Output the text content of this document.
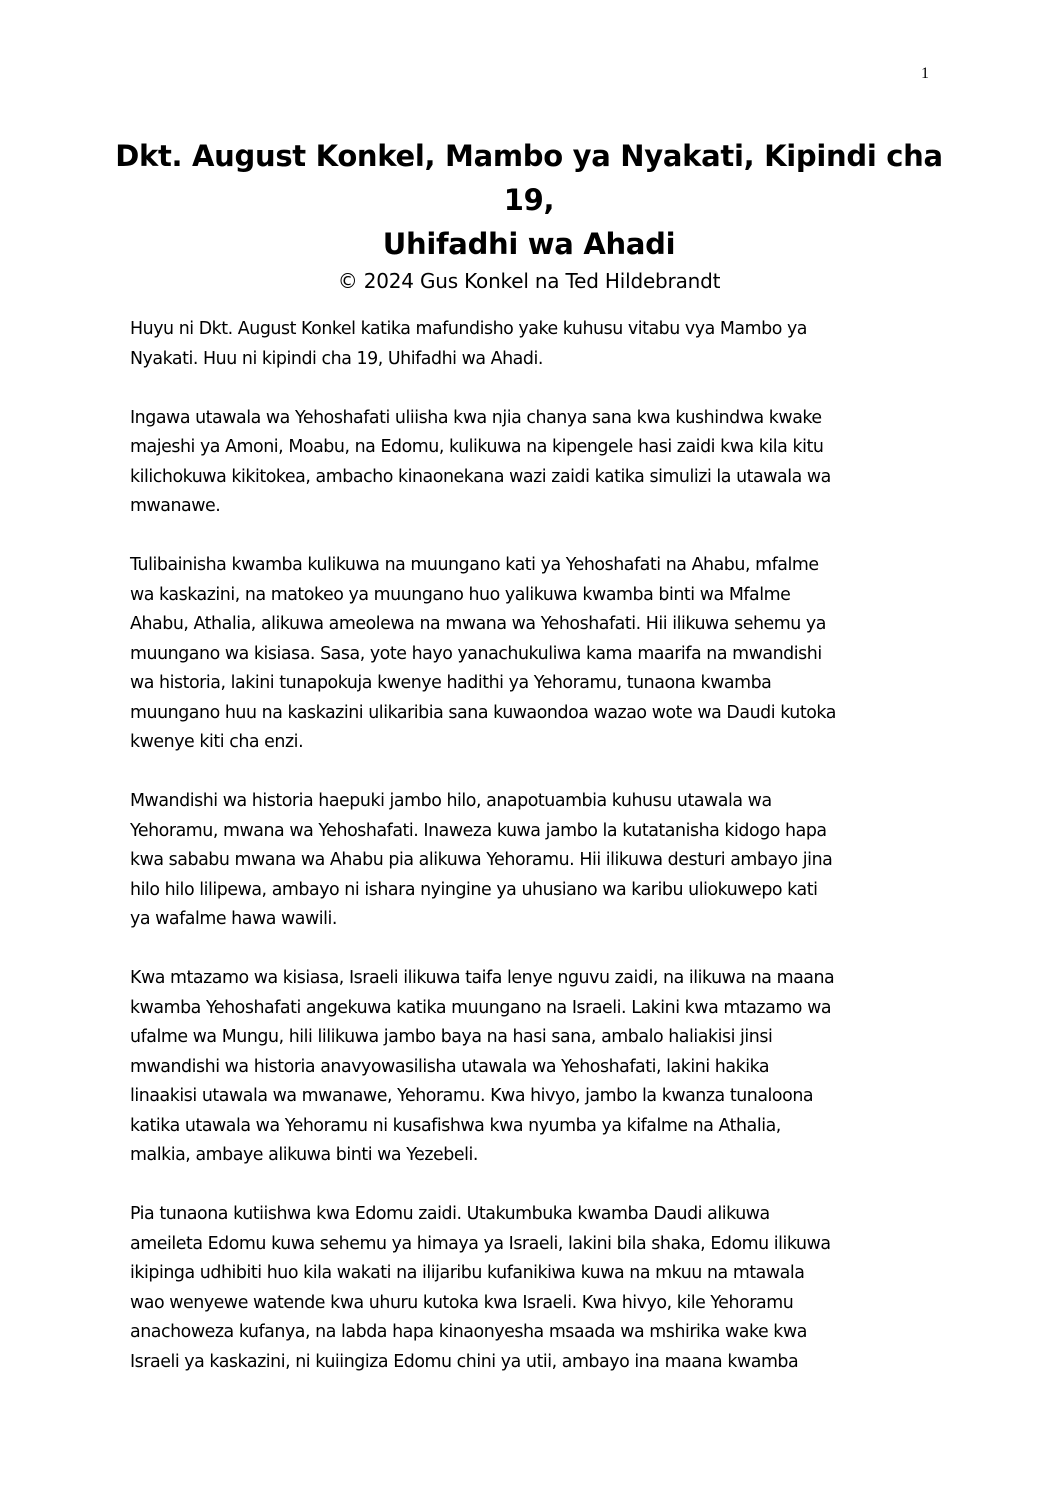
1
Dkt. August Konkel, Mambo ya Nyakati, Kipindi cha
19,
Uhifadhi wa Ahadi
© 2024 Gus Konkel na Ted Hildebrandt

Huyu ni Dkt. August Konkel katika mafundisho yake kuhusu vitabu vya Mambo ya
Nyakati. Huu ni kipindi cha 19, Uhifadhi wa Ahadi.

Ingawa utawala wa Yehoshafati uliisha kwa njia chanya sana kwa kushindwa kwake
majeshi ya Amoni, Moabu, na Edomu, kulikuwa na kipengele hasi zaidi kwa kila kitu
kilichokuwa kikitokea, ambacho kinaonekana wazi zaidi katika simulizi la utawala wa
mwanawe.

Tulibainisha kwamba kulikuwa na muungano kati ya Yehoshafati na Ahabu, mfalme
wa kaskazini, na matokeo ya muungano huo yalikuwa kwamba binti wa Mfalme
Ahabu, Athalia, alikuwa ameolewa na mwana wa Yehoshafati. Hii ilikuwa sehemu ya
muungano wa kisiasa. Sasa, yote hayo yanachukuliwa kama maarifa na mwandishi
wa historia, lakini tunapokuja kwenye hadithi ya Yehoramu, tunaona kwamba
muungano huu na kaskazini ulikaribia sana kuwaondoa wazao wote wa Daudi kutoka
kwenye kiti cha enzi.

Mwandishi wa historia haepuki jambo hilo, anapotuambia kuhusu utawala wa
Yehoramu, mwana wa Yehoshafati. Inaweza kuwa jambo la kutatanisha kidogo hapa
kwa sababu mwana wa Ahabu pia alikuwa Yehoramu. Hii ilikuwa desturi ambayo jina
hilo hilo lilipewa, ambayo ni ishara nyingine ya uhusiano wa karibu uliokuwepo kati
ya wafalme hawa wawili.

Kwa mtazamo wa kisiasa, Israeli ilikuwa taifa lenye nguvu zaidi, na ilikuwa na maana
kwamba Yehoshafati angekuwa katika muungano na Israeli. Lakini kwa mtazamo wa
ufalme wa Mungu, hili lilikuwa jambo baya na hasi sana, ambalo haliakisi jinsi
mwandishi wa historia anavyowasilisha utawala wa Yehoshafati, lakini hakika
linaakisi utawala wa mwanawe, Yehoramu. Kwa hivyo, jambo la kwanza tunaloona
katika utawala wa Yehoramu ni kusafishwa kwa nyumba ya kifalme na Athalia,
malkia, ambaye alikuwa binti wa Yezebeli.

Pia tunaona kutiishwa kwa Edomu zaidi. Utakumbuka kwamba Daudi alikuwa
ameileta Edomu kuwa sehemu ya himaya ya Israeli, lakini bila shaka, Edomu ilikuwa
ikipinga udhibiti huo kila wakati na ilijaribu kufanikiwa kuwa na mkuu na mtawala
wao wenyewe watende kwa uhuru kutoka kwa Israeli. Kwa hivyo, kile Yehoramu
anachoweza kufanya, na labda hapa kinaonyesha msaada wa mshirika wake kwa
Israeli ya kaskazini, ni kuiingiza Edomu chini ya utii, ambayo ina maana kwamba
